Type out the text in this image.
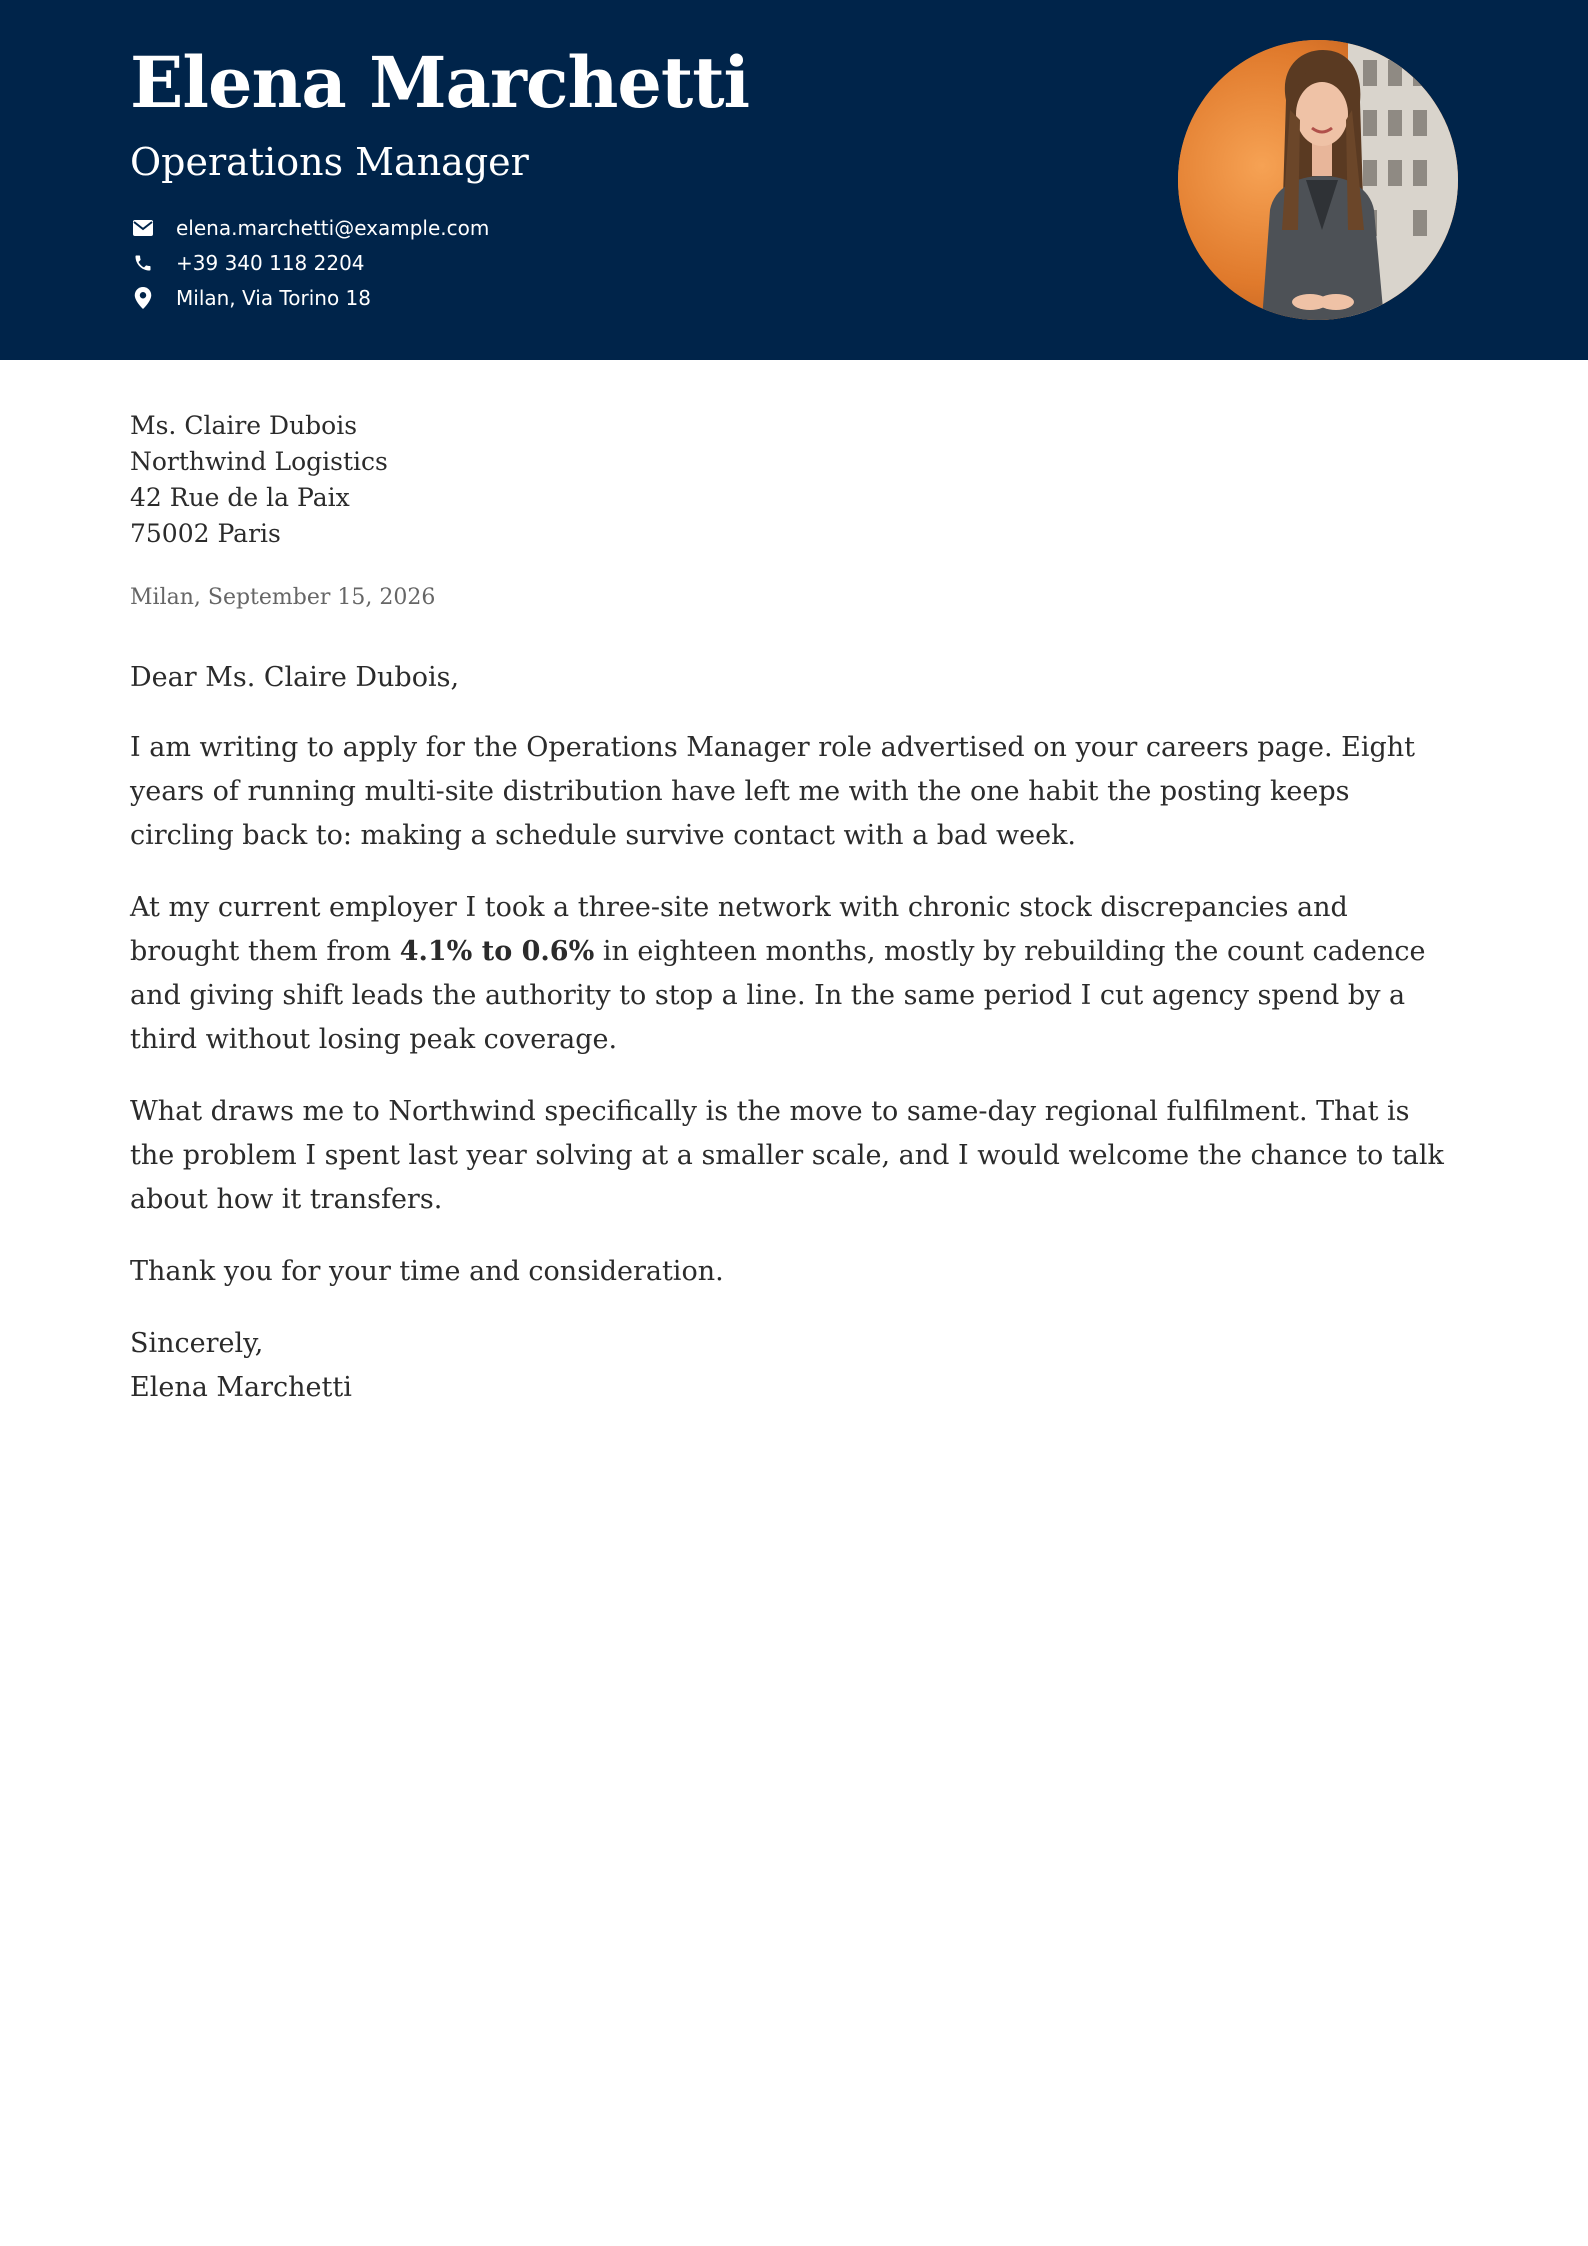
Elena Marchetti
Operations Manager
elena.marchetti@example.com
+39 340 118 2204
Milan, Via Torino 18
Ms. Claire Dubois
Northwind Logistics
42 Rue de la Paix
75002 Paris
Milan, September 15, 2026
Dear Ms. Claire Dubois,

I am writing to apply for the Operations Manager role advertised on your careers page. Eight years of running multi-site distribution have left me with the one habit the posting keeps circling back to: making a schedule survive contact with a bad week.

At my current employer I took a three-site network with chronic stock discrepancies and brought them from 4.1% to 0.6% in eighteen months, mostly by rebuilding the count cadence and giving shift leads the authority to stop a line. In the same period I cut agency spend by a third without losing peak coverage.

What draws me to Northwind specifically is the move to same-day regional fulfilment. That is the problem I spent last year solving at a smaller scale, and I would welcome the chance to talk about how it transfers.

Thank you for your time and consideration.

Sincerely,
Elena Marchetti
